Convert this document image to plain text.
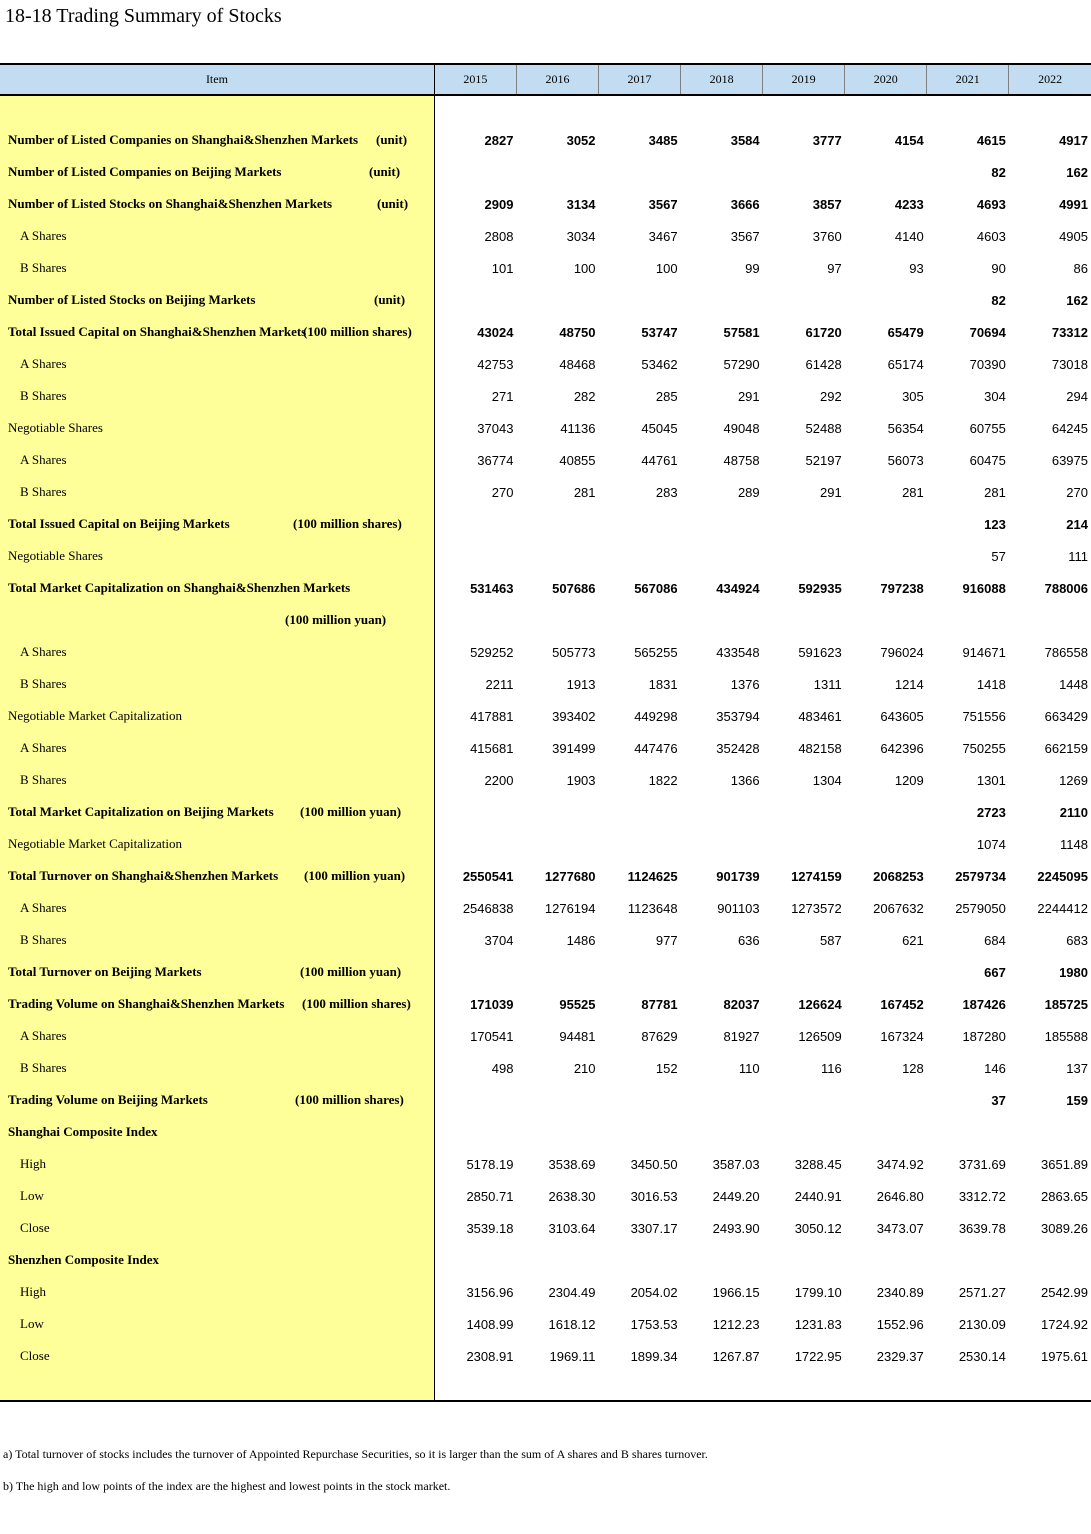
18-18 Trading Summary of Stocks
Item	2015	2016	2017	2018	2019	2020	2021	2022

Number of Listed Companies on Shanghai&Shenzhen Markets (unit)	2827	3052	3485	3584	3777	4154	4615	4917

Number of Listed Companies on Beijing Markets (unit)							82	162

Number of Listed Stocks on Shanghai&Shenzhen Markets (unit)	2909	3134	3567	3666	3857	4233	4693	4991

A Shares	2808	3034	3467	3567	3760	4140	4603	4905

B Shares	101	100	100	99	97	93	90	86

Number of Listed Stocks on Beijing Markets (unit)							82	162

Total Issued Capital on Shanghai&Shenzhen Markets
(100 million shares)	43024	48750	53747	57581	61720	65479	70694	73312

A Shares	42753	48468	53462	57290	61428	65174	70390	73018

B Shares	271	282	285	291	292	305	304	294

Negotiable Shares	37043	41136	45045	49048	52488	56354	60755	64245

A Shares	36774	40855	44761	48758	52197	56073	60475	63975

B Shares	270	281	283	289	291	281	281	270

Total Issued Capital on Beijing Markets (100 million shares)							123	214

Negotiable Shares							57	111

Total Market Capitalization on Shanghai&Shenzhen Markets	531463	507686	567086	434924	592935	797238	916088	788006

(100 million yuan)								

A Shares	529252	505773	565255	433548	591623	796024	914671	786558

B Shares	2211	1913	1831	1376	1311	1214	1418	1448

Negotiable Market Capitalization	417881	393402	449298	353794	483461	643605	751556	663429

A Shares	415681	391499	447476	352428	482158	642396	750255	662159

B Shares	2200	1903	1822	1366	1304	1209	1301	1269

Total Market Capitalization on Beijing Markets (100 million yuan)							2723	2110

Negotiable Market Capitalization							1074	1148

Total Turnover on Shanghai&Shenzhen Markets (100 million yuan)	2550541	1277680	1124625	901739	1274159	2068253	2579734	2245095

A Shares	2546838	1276194	1123648	901103	1273572	2067632	2579050	2244412

B Shares	3704	1486	977	636	587	621	684	683

Total Turnover on Beijing Markets (100 million yuan)							667	1980

Trading Volume on Shanghai&Shenzhen Markets (100 million shares)	171039	95525	87781	82037	126624	167452	187426	185725

A Shares	170541	94481	87629	81927	126509	167324	187280	185588

B Shares	498	210	152	110	116	128	146	137

Trading Volume on Beijing Markets (100 million shares)							37	159

Shanghai Composite Index								

High	5178.19	3538.69	3450.50	3587.03	3288.45	3474.92	3731.69	3651.89

Low	2850.71	2638.30	3016.53	2449.20	2440.91	2646.80	3312.72	2863.65

Close	3539.18	3103.64	3307.17	2493.90	3050.12	3473.07	3639.78	3089.26

Shenzhen Composite Index								

High	3156.96	2304.49	2054.02	1966.15	1799.10	2340.89	2571.27	2542.99

Low	1408.99	1618.12	1753.53	1212.23	1231.83	1552.96	2130.09	1724.92

Close	2308.91	1969.11	1899.34	1267.87	1722.95	2329.37	2530.14	1975.61

a) Total turnover of stocks includes the turnover of Appointed Repurchase Securities, so it is larger than the sum of A shares and B shares turnover.
b) The high and low points of the index are the highest and lowest points in the stock market.
